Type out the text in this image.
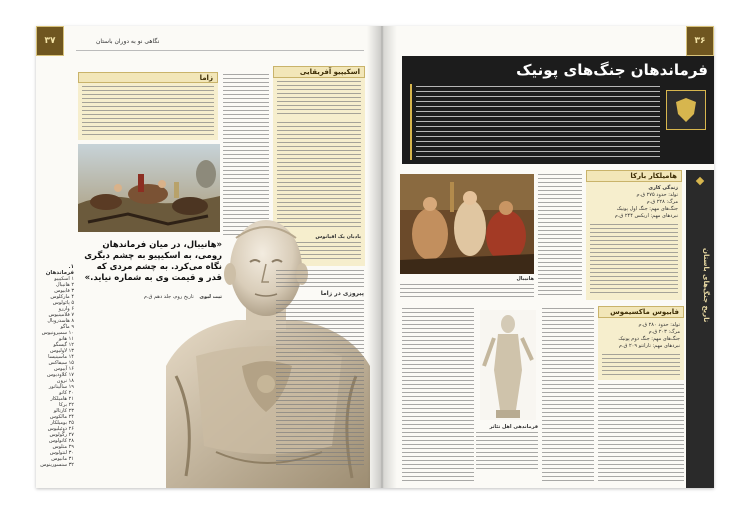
۳۷	نگاهی نو به دوران باستان
زاما
اسکیپیو آفریقایی
بادبان یک اقیانوس
«هانیبال، در میان فرماندهان رومی، به اسکیپیو به چشم دیگری نگاه می‌کرد. به چشم مردی که قدر و قیمت وی به شماره نیاید.»
تیت لیوی تاریخ روم، جلد دهم ق.م
۱. فرماندهان
۱ اسکیپیو
۲ هانیبال
۳ فابیوس
۴ مارکلوس
۵ پائولوس
۶ واررو
۷ فلامینیوس
۸ هاسدروبال
۹ ماگو
۱۰ سمپرونیوس
۱۱ هانو
۱۲ گیسگو
۱۳ لاولیوس
۱۴ ماسینیسا
۱۵ سیفاکس
۱۶ آپیوس
۱۷ کلاودیوس
۱۸ نرون
۱۹ سالیناتور
۲۰ کاتو
۲۱ هامیلکار
۲۲ برکا
۲۳ کارتالو
۲۴ مالکوس
۲۵ بومیلکار
۲۶ دوئیلیوس
۲۷ رگولوس
۲۸ کاتولوس
۲۹ متلوس
۳۰ لنتولوس
۳۱ مانیوس
۳۲ سنسورینوس
پیروزی در زاما
۳۶
فرماندهان جنگ‌های پونیک
هانیبال
هامیلکار بارکا
زندگی کاری
تولد: حدود ۲۷۵ ق.م
مرگ: ۲۲۸ ق.م
جنگ‌های مهم: جنگ اول پونیک
نبردهای مهم: اریکس ۲۴۴ ق.م
تاریخ جنگ‌های باستان
فرماندهی اهل تئاتر
فابیوس ماکسیموس
تولد: حدود ۲۸۰ ق.م
مرگ: ۲۰۳ ق.م
جنگ‌های مهم: جنگ دوم پونیک
نبردهای مهم: تارانتو ۲۰۹ ق.م
